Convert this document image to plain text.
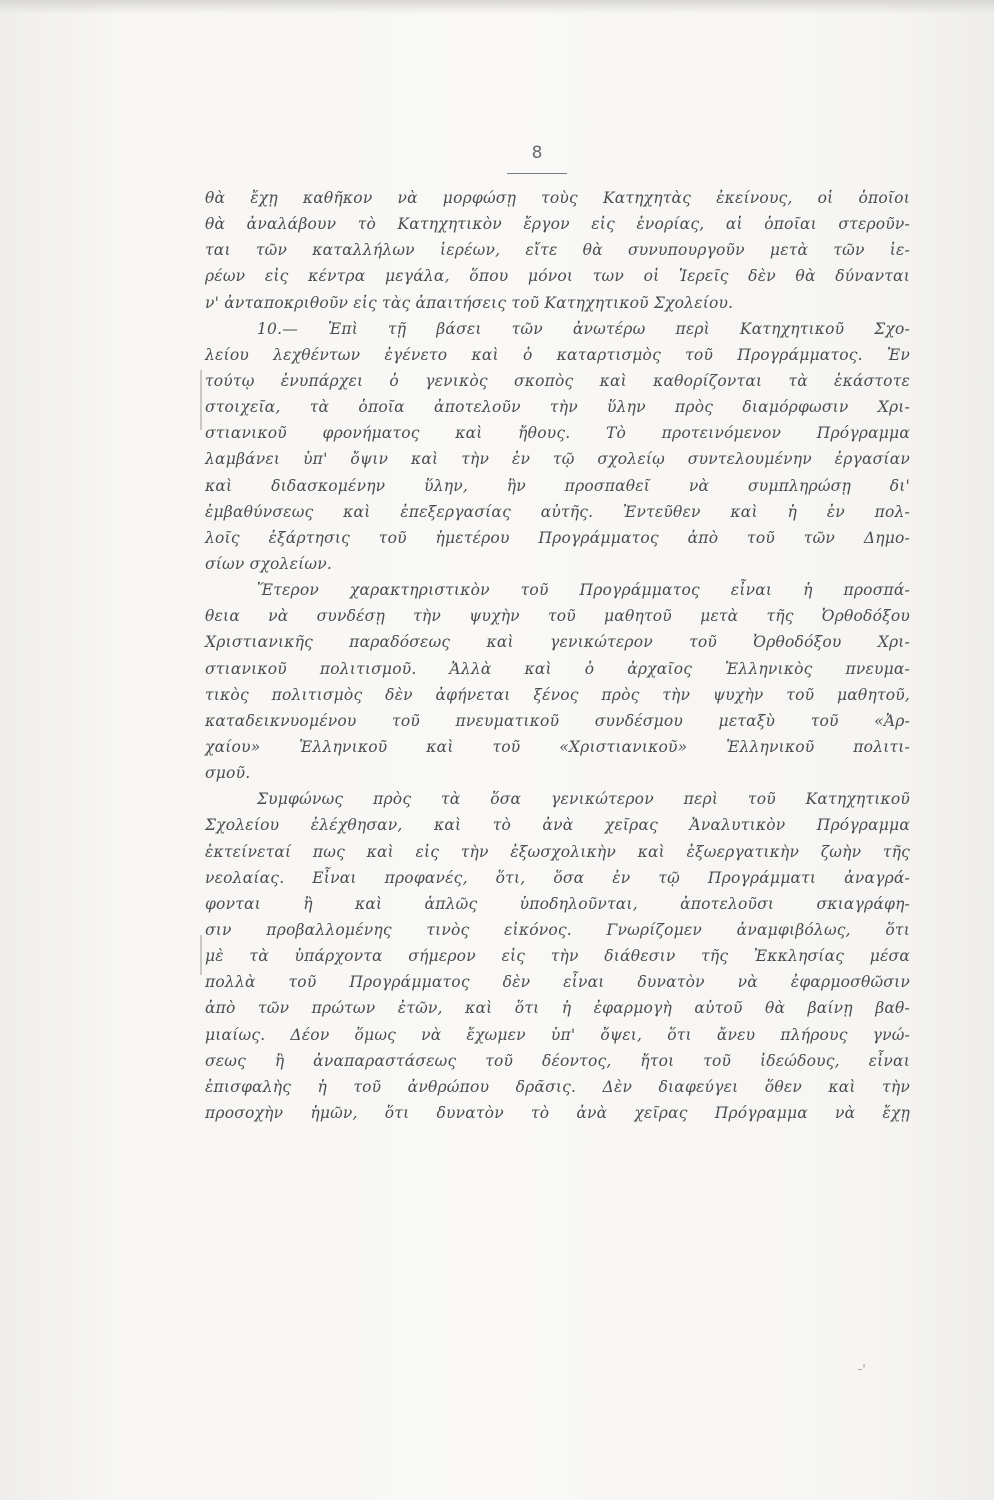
8
θὰ ἔχῃ καθῆκον νὰ μορφώσῃ τοὺς Κατηχητὰς ἐκείνους, οἱ ὁποῖοι
θὰ ἀναλάβουν τὸ Κατηχητικὸν ἔργον εἰς ἐνορίας, αἱ ὁποῖαι στεροῦν-
ται τῶν καταλλήλων ἱερέων, εἴτε θὰ συνυπουργοῦν μετὰ τῶν ἱε-
ρέων εἰς κέντρα μεγάλα, ὅπου μόνοι των οἱ Ἱερεῖς δὲν θὰ δύνανται
ν' ἀνταποκριθοῦν εἰς τὰς ἀπαιτήσεις τοῦ Κατηχητικοῦ Σχολείου.
10.— Ἐπὶ τῇ βάσει τῶν ἀνωτέρω περὶ Κατηχητικοῦ Σχο-
λείου λεχθέντων ἐγένετο καὶ ὁ καταρτισμὸς τοῦ Προγράμματος. Ἐν
τούτῳ ἐνυπάρχει ὁ γενικὸς σκοπὸς καὶ καθορίζονται τὰ ἑκάστοτε
στοιχεῖα, τὰ ὁποῖα ἀποτελοῦν τὴν ὕλην πρὸς διαμόρφωσιν Χρι-
στιανικοῦ φρονήματος καὶ ἤθους. Τὸ προτεινόμενον Πρόγραμμα
λαμβάνει ὑπ' ὄψιν καὶ τὴν ἐν τῷ σχολείῳ συντελουμένην ἐργασίαν
καὶ διδασκομένην ὕλην, ἣν προσπαθεῖ νὰ συμπληρώσῃ δι'
ἐμβαθύνσεως καὶ ἐπεξεργασίας αὐτῆς. Ἐντεῦθεν καὶ ἡ ἐν πολ-
λοῖς ἐξάρτησις τοῦ ἡμετέρου Προγράμματος ἀπὸ τοῦ τῶν Δημο-
σίων σχολείων.
Ἕτερον χαρακτηριστικὸν τοῦ Προγράμματος εἶναι ἡ προσπά-
θεια νὰ συνδέσῃ τὴν ψυχὴν τοῦ μαθητοῦ μετὰ τῆς Ὀρθοδόξου
Χριστιανικῆς παραδόσεως καὶ γενικώτερον τοῦ Ὀρθοδόξου Χρι-
στιανικοῦ πολιτισμοῦ. Ἀλλὰ καὶ ὁ ἀρχαῖος Ἑλληνικὸς πνευμα-
τικὸς πολιτισμὸς δὲν ἀφήνεται ξένος πρὸς τὴν ψυχὴν τοῦ μαθητοῦ,
καταδεικνυομένου τοῦ πνευματικοῦ συνδέσμου μεταξὺ τοῦ «Ἀρ-
χαίου» Ἑλληνικοῦ καὶ τοῦ «Χριστιανικοῦ» Ἑλληνικοῦ πολιτι-
σμοῦ.
Συμφώνως πρὸς τὰ ὅσα γενικώτερον περὶ τοῦ Κατηχητικοῦ
Σχολείου ἐλέχθησαν, καὶ τὸ ἀνὰ χεῖρας Ἀναλυτικὸν Πρόγραμμα
ἐκτείνεταί πως καὶ εἰς τὴν ἐξωσχολικὴν καὶ ἐξωεργατικὴν ζωὴν τῆς
νεολαίας. Εἶναι προφανές, ὅτι, ὅσα ἐν τῷ Προγράμματι ἀναγρά-
φονται ἢ καὶ ἁπλῶς ὑποδηλοῦνται, ἀποτελοῦσι σκιαγράφη-
σιν προβαλλομένης τινὸς εἰκόνος. Γνωρίζομεν ἀναμφιβόλως, ὅτι
μὲ τὰ ὑπάρχοντα σήμερον εἰς τὴν διάθεσιν τῆς Ἐκκλησίας μέσα
πολλὰ τοῦ Προγράμματος δὲν εἶναι δυνατὸν νὰ ἐφαρμοσθῶσιν
ἀπὸ τῶν πρώτων ἐτῶν, καὶ ὅτι ἡ ἐφαρμογὴ αὐτοῦ θὰ βαίνῃ βαθ-
μιαίως. Δέον ὅμως νὰ ἔχωμεν ὑπ' ὄψει, ὅτι ἄνευ πλήρους γνώ-
σεως ἢ ἀναπαραστάσεως τοῦ δέοντος, ἤτοι τοῦ ἰδεώδους, εἶναι
ἐπισφαλὴς ἡ τοῦ ἀνθρώπου δρᾶσις. Δὲν διαφεύγει ὅθεν καὶ τὴν
προσοχὴν ἡμῶν, ὅτι δυνατὸν τὸ ἀνὰ χεῖρας Πρόγραμμα νὰ ἔχῃ
-'
